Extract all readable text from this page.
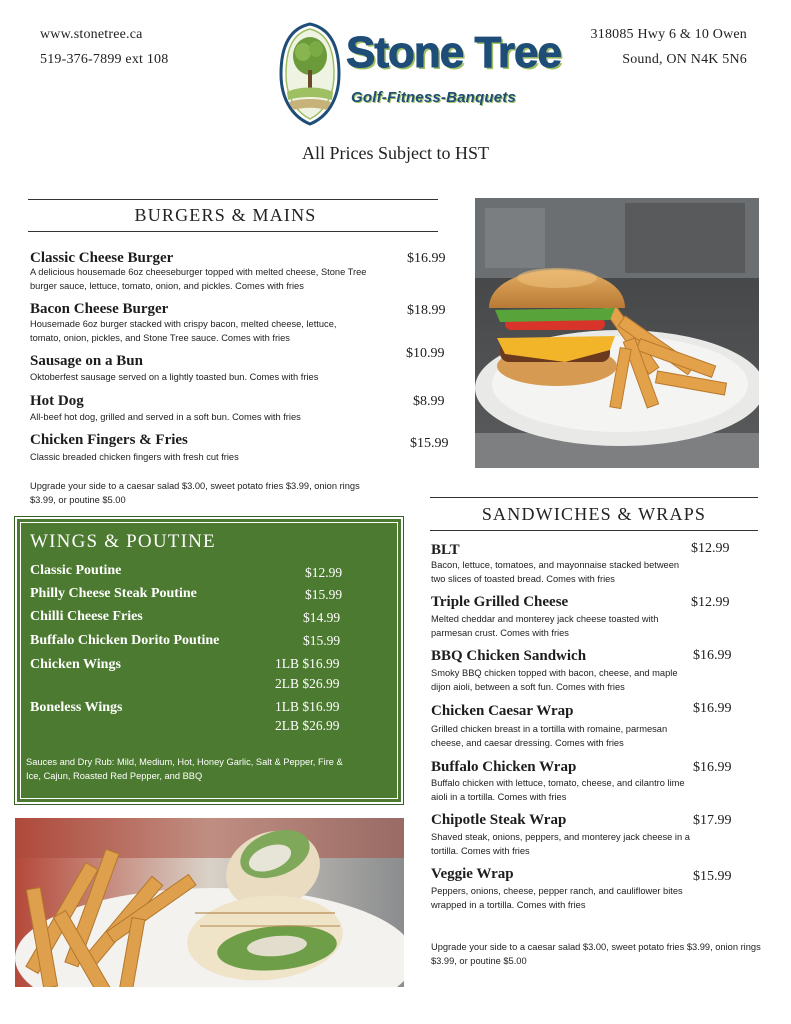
www.stonetree.ca
519-376-7899 ext 108
318085 Hwy 6 & 10 Owen
Sound, ON N4K 5N6
Stone Tree
Golf-Fitness-Banquets
All Prices Subject to HST
BURGERS & MAINS
Classic Cheese Burger	$16.99
A delicious housemade 6oz cheeseburger topped with melted cheese, Stone Tree burger sauce, lettuce, tomato, onion, and pickles. Comes with fries
Bacon Cheese Burger	$18.99
Housemade 6oz burger stacked with crispy bacon, melted cheese, lettuce, tomato, onion, pickles, and Stone Tree sauce. Comes with fries
Sausage on a Bun	$10.99
Oktoberfest sausage served on a lightly toasted bun. Comes with fries
Hot Dog	$8.99
All-beef hot dog, grilled and served in a soft bun. Comes with fries
Chicken Fingers & Fries	$15.99
Classic breaded chicken fingers with fresh cut fries
Upgrade your side to a caesar salad $3.00, sweet potato fries $3.99, onion rings $3.99, or poutine $5.00
WINGS & POUTINE
Classic Poutine	$12.99
Philly Cheese Steak Poutine	$15.99
Chilli Cheese Fries	$14.99
Buffalo Chicken Dorito Poutine	$15.99
Chicken Wings	1LB $16.99
2LB $26.99
Boneless Wings	1LB $16.99
2LB $26.99
Sauces and Dry Rub: Mild, Medium, Hot, Honey Garlic, Salt & Pepper, Fire & Ice, Cajun, Roasted Red Pepper, and BBQ
SANDWICHES & WRAPS
BLT	$12.99
Bacon, lettuce, tomatoes, and mayonnaise stacked between two slices of toasted bread. Comes with fries
Triple Grilled Cheese	$12.99
Melted cheddar and monterey jack cheese toasted with parmesan crust. Comes with fries
BBQ Chicken Sandwich	$16.99
Smoky BBQ chicken topped with bacon, cheese, and maple dijon aioli, between a soft fun. Comes with fries
Chicken Caesar Wrap	$16.99
Grilled chicken breast in a tortilla with romaine, parmesan cheese, and caesar dressing. Comes with fries
Buffalo Chicken Wrap	$16.99
Buffalo chicken with lettuce, tomato, cheese, and cilantro lime aioli in a tortilla. Comes with fries
Chipotle Steak Wrap	$17.99
Shaved steak, onions, peppers, and monterey jack cheese in a tortilla. Comes with fries
Veggie Wrap	$15.99
Peppers, onions, cheese, pepper ranch, and cauliflower bites wrapped in a tortilla. Comes with fries
Upgrade your side to a caesar salad $3.00, sweet potato fries $3.99, onion rings $3.99, or poutine $5.00
